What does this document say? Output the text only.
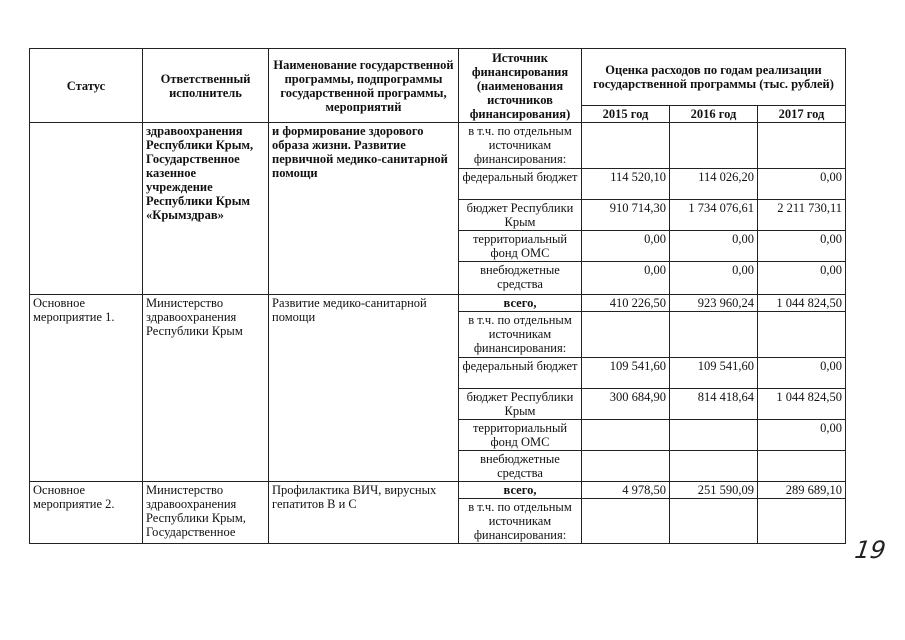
Статус	Ответственный исполнитель	Наименование государственной программы, подпрограммы государственной программы, мероприятий	Источник финансирования (наименования источников финансирования)	Оценка расходов по годам реализации государственной программы (тыс. рублей)		
				2015 год	2016 год	2017 год
	здравоохранения Республики Крым, Государственное казенное учреждение Республики Крым «Крымздрав»	и формирование здорового образа жизни. Развитие первичной медико-санитарной помощи	в т.ч. по отдельным источникам финансирования:			
			федеральный бюджет	114 520,10	114 026,20	0,00
			бюджет Республики Крым	910 714,30	1 734 076,61	2 211 730,11
			территориальный фонд ОМС	0,00	0,00	0,00
			внебюджетные средства	0,00	0,00	0,00
Основное мероприятие 1.	Министерство здравоохранения Республики Крым	Развитие медико-санитарной помощи	всего,	410 226,50	923 960,24	1 044 824,50
			в т.ч. по отдельным источникам финансирования:			
			федеральный бюджет	109 541,60	109 541,60	0,00
			бюджет Республики Крым	300 684,90	814 418,64	1 044 824,50
			территориальный фонд ОМС			0,00
			внебюджетные средства			
Основное мероприятие 2.	Министерство здравоохранения Республики Крым, Государственное	Профилактика ВИЧ, вирусных гепатитов В и С	всего,	4 978,50	251 590,09	289 689,10
			в т.ч. по отдельным источникам финансирования:			
19
